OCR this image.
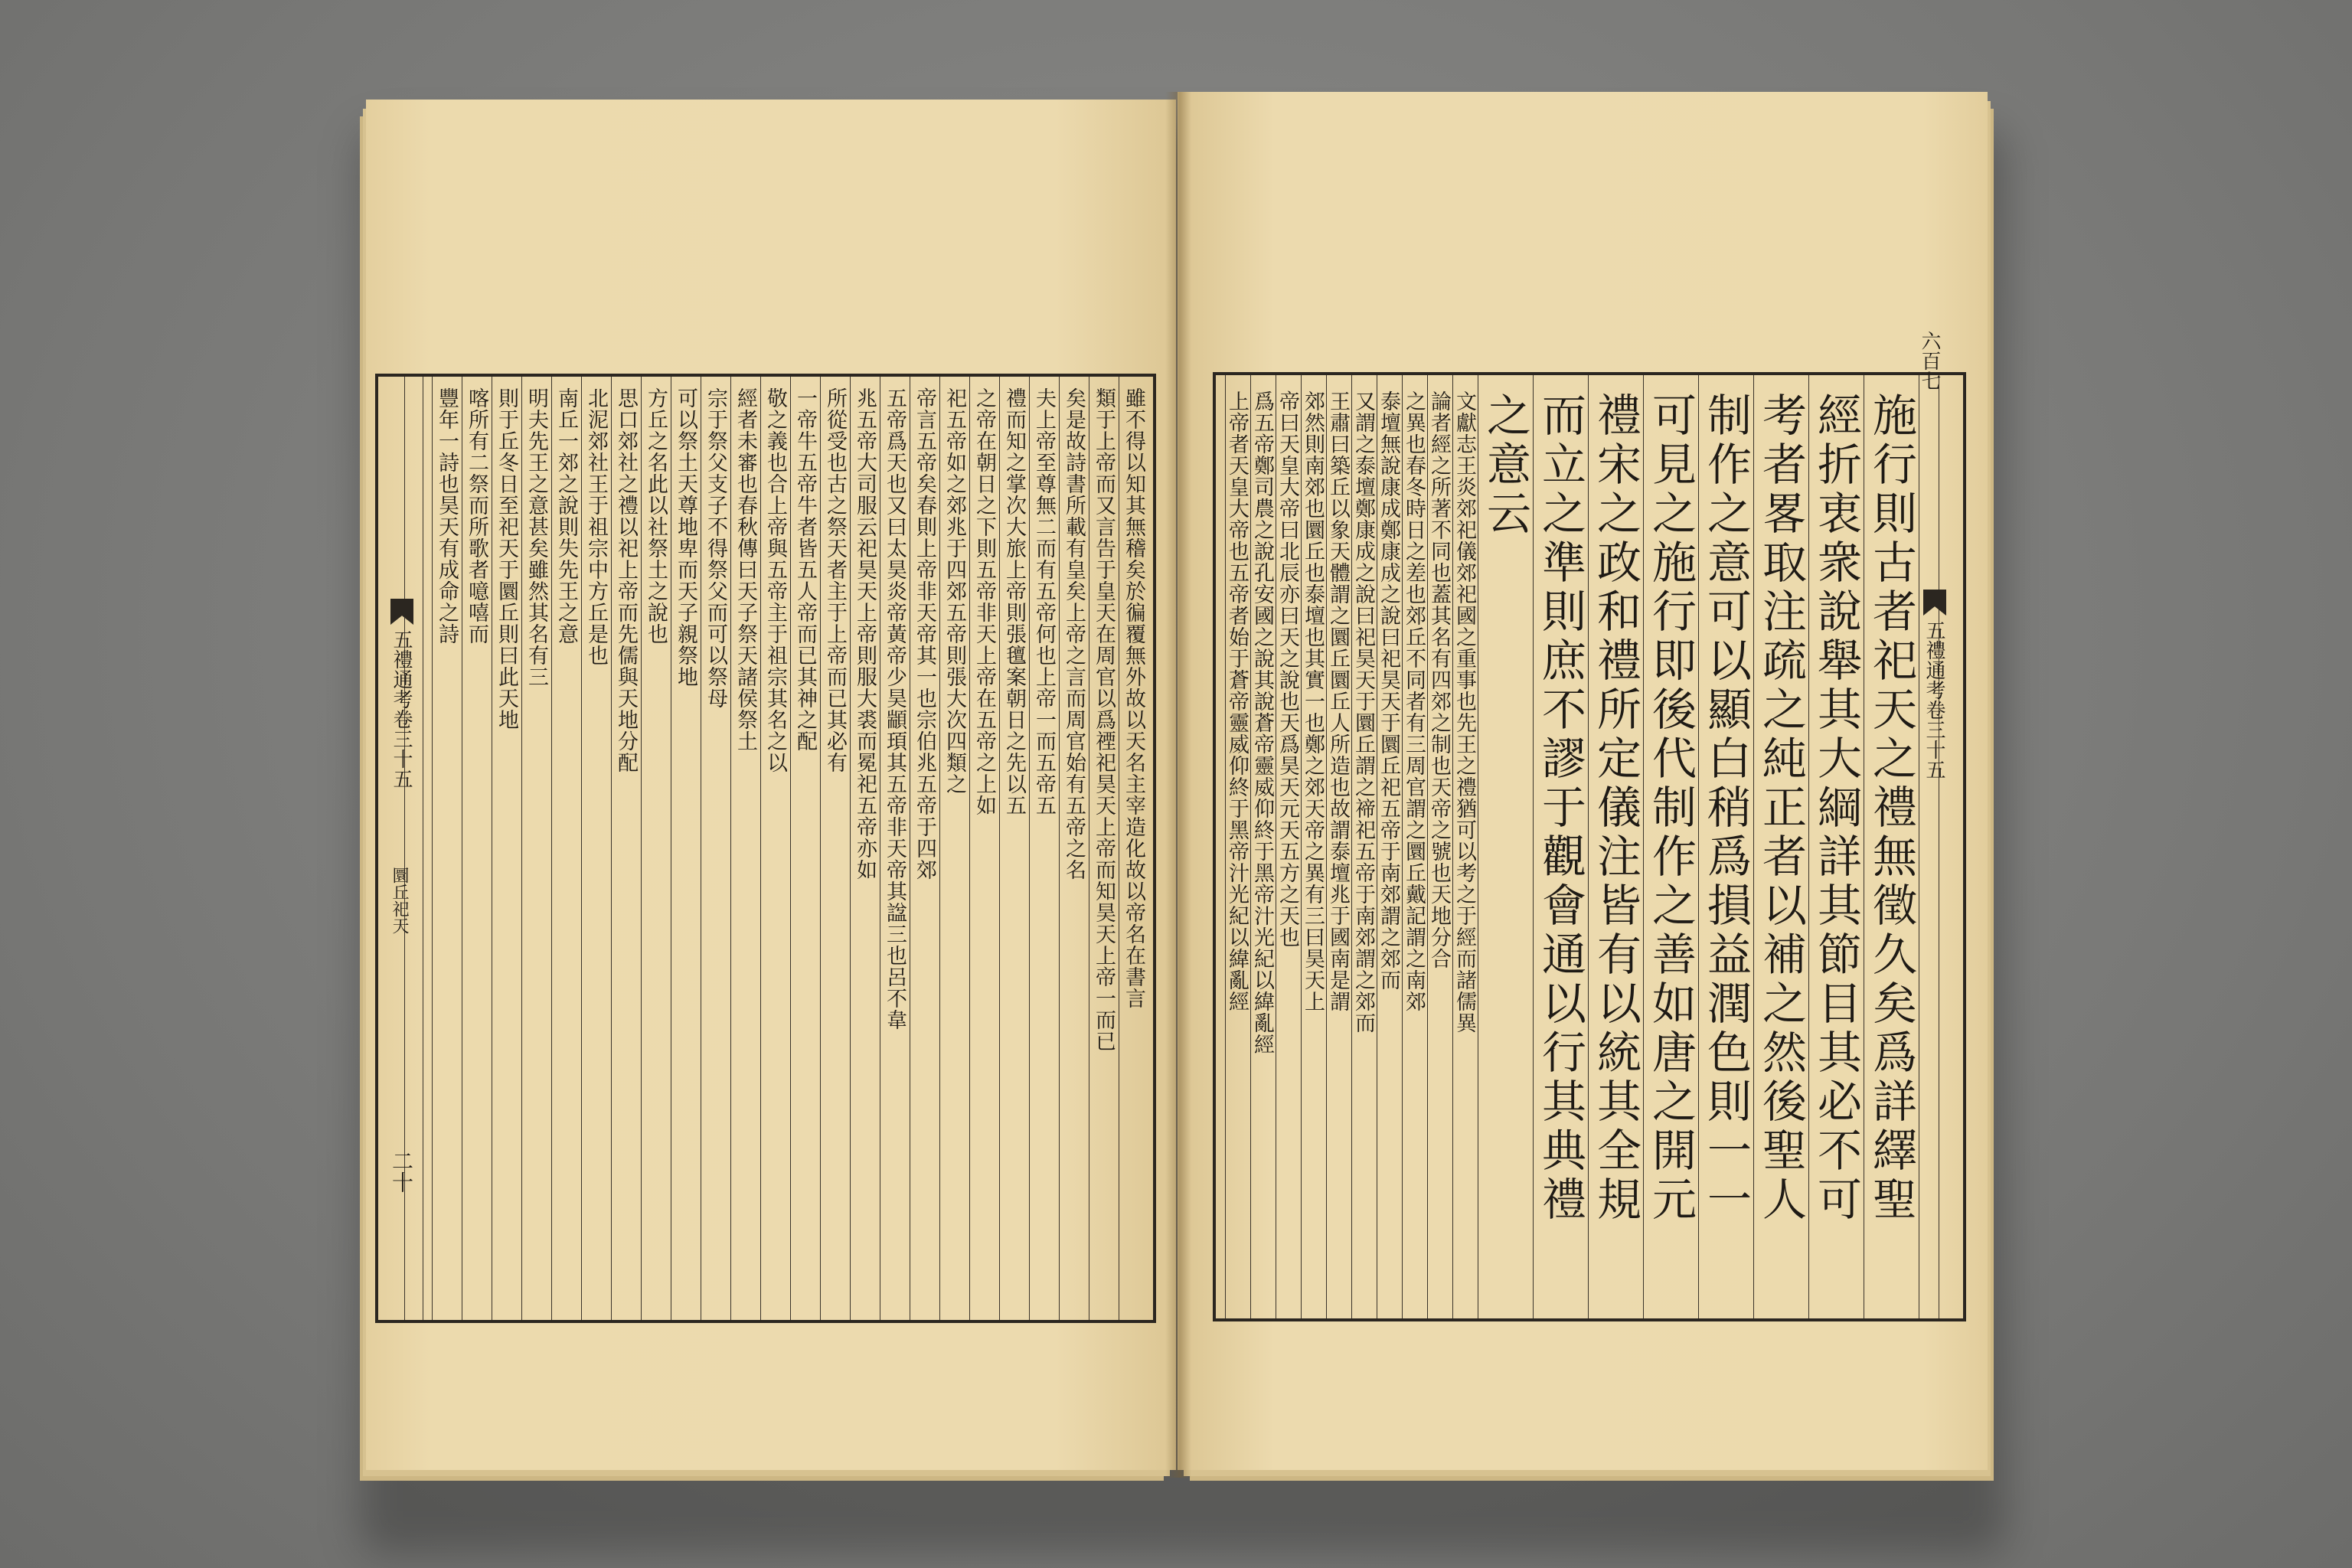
五禮通考卷三十五
圜丘祀天
二十
雖不得以知其無稽矣於徧覆無外故以天名主宰造化故以帝名在書言
類于上帝而又言告于皇天在周官以爲禋祀昊天上帝而知昊天上帝一而已
矣是故詩書所載有皇矣上帝之言而周官始有五帝之名
夫上帝至尊無二而有五帝何也上帝一而五帝五
禮而知之掌次大旅上帝則張氊案朝日之先以五
之帝在朝日之下則五帝非天上帝在五帝之上如
祀五帝如之郊兆于四郊五帝則張大次四類之
帝言五帝矣春則上帝非天帝其一也宗伯兆五帝于四郊
五帝爲天也又曰太昊炎帝黃帝少昊顓頊其五帝非天帝其諡三也呂不韋
兆五帝大司服云祀昊天上帝則服大裘而冕祀五帝亦如
所從受也古之祭天者主于上帝而已其必有
一帝牛五帝牛者皆五人帝而已其神之配
敬之義也合上帝與五帝主于祖宗其名之以
經者未審也春秋傳曰天子祭天諸侯祭土
宗于祭父支子不得祭父而可以祭母
可以祭土天尊地卑而天子親祭地
方丘之名此以社祭土之說也
思口郊社之禮以祀上帝而先儒與天地分配
北泥郊社王于祖宗中方丘是也
南丘一郊之說則失先王之意
明夫先王之意甚矣雖然其名有三
則于丘冬日至祀天于圜丘則曰此天地
喀所有二祭而所歌者噫嘻而
豐年一詩也昊天有成命之詩
五禮通考卷三十五
六百七
施行則古者祀天之禮無徵久矣爲詳繹聖
經折衷衆說舉其大綱詳其節目其必不可
考者畧取注疏之純正者以補之然後聖人
制作之意可以顯白稍爲損益潤色則一一
可見之施行即後代制作之善如唐之開元
禮宋之政和禮所定儀注皆有以統其全規
而立之準則庶不謬于觀會通以行其典禮
之意云
文獻志王炎郊祀儀郊祀國之重事也先王之禮猶可以考之于經而諸儒異
論者經之所著不同也蓋其名有四郊之制也天帝之號也天地分合
之異也春冬時日之差也郊丘不同者有三周官謂之圜丘戴記謂之南郊
泰壇無說康成鄭康成之說曰祀昊天于圜丘祀五帝于南郊謂之郊而
又謂之泰壇鄭康成之說曰祀昊天于圜丘謂之禘祀五帝于南郊謂之郊而
王肅曰築丘以象天體謂之圜丘圜丘人所造也故謂泰壇兆于國南是謂
郊然則南郊也圜丘也泰壇也其實一也鄭之郊天帝之異有三曰昊天上
帝曰天皇大帝曰北辰亦曰天之說也天爲昊天元天五方之天也
爲五帝鄭司農之說孔安國之說其說蒼帝靈威仰終于黑帝汁光紀以緯亂經
上帝者天皇大帝也五帝者始于蒼帝靈威仰終于黑帝汁光紀以緯亂經
